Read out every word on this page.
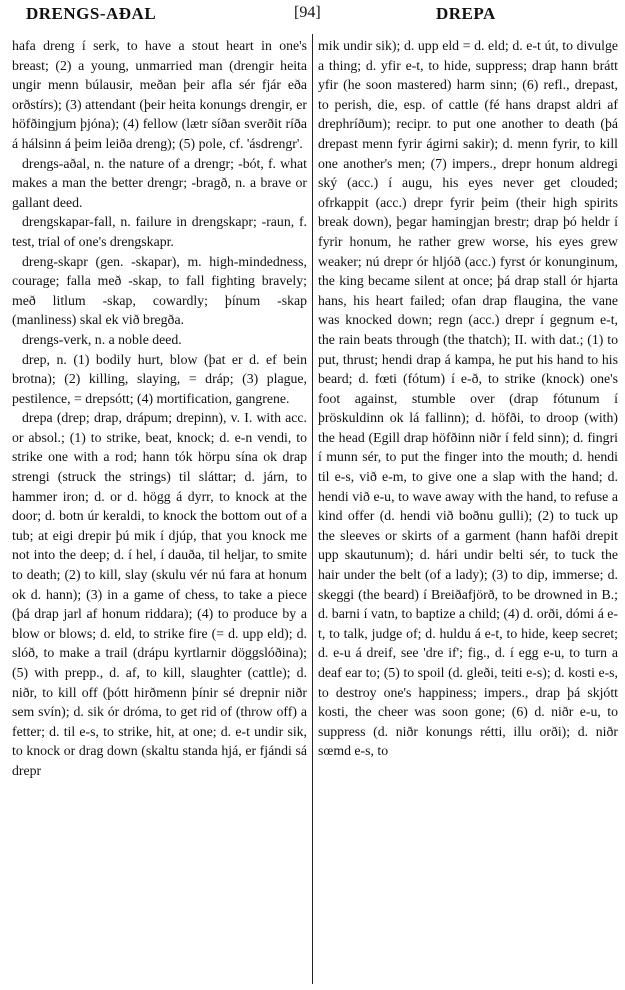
DRENGS-AÐAL	[94]	DREPA

hafa dreng í serk, to have a stout heart in one's breast; (2) a young, unmarried man (drengir heita ungir menn búlausir, meðan þeir afla sér fjár eða orðstírs); (3) attendant (þeir heita konungs drengir, er höfðingjum þjóna); (4) fellow (lætr síðan sverðit ríða á hálsinn á þeim leiða dreng); (5) pole, cf. 'ásdrengr'.

drengs-aðal, n. the nature of a drengr; -bót, f. what makes a man the better drengr; -bragð, n. a brave or gallant deed.

drengskapar-fall, n. failure in drengskapr; -raun, f. test, trial of one's drengskapr.

dreng-skapr (gen. -skapar), m. high-mindedness, courage; falla með -skap, to fall fighting bravely; með litlum -skap, cowardly; þínum -skap (manliness) skal ek við bregða.

drengs-verk, n. a noble deed.

drep, n. (1) bodily hurt, blow (þat er d. ef bein brotna); (2) killing, slaying, = dráp; (3) plague, pestilence, = drepsótt; (4) mortification, gangrene.

drepa (drep; drap, drápum; drepinn), v. I. with acc. or absol.; (1) to strike, beat, knock; d. e-n vendi, to strike one with a rod; hann tók hörpu sína ok drap strengi (struck the strings) til sláttar; d. járn, to hammer iron; d. or d. högg á dyrr, to knock at the door; d. botn úr keraldi, to knock the bottom out of a tub; at eigi drepir þú mik í djúp, that you knock me not into the deep; d. í hel, í dauða, til heljar, to smite to death; (2) to kill, slay (skulu vér nú fara at honum ok d. hann); (3) in a game of chess, to take a piece (þá drap jarl af honum riddara); (4) to produce by a blow or blows; d. eld, to strike fire (= d. upp eld); d. slóð, to make a trail (drápu kyrtlarnir döggslóðina); (5) with prepp., d. af, to kill, slaughter (cattle); d. niðr, to kill off (þótt hirðmenn þínir sé drepnir niðr sem svín); d. sik ór dróma, to get rid of (throw off) a fetter; d. til e-s, to strike, hit, at one; d. e-t undir sik, to knock or drag down (skaltu standa hjá, er fjándi sá drepr

mik undir sik); d. upp eld = d. eld; d. e-t út, to divulge a thing; d. yfir e-t, to hide, suppress; drap hann brátt yfir (he soon mastered) harm sinn; (6) refl., drepast, to perish, die, esp. of cattle (fé hans drapst aldri af drephríðum); recipr. to put one another to death (þá drepast menn fyrir ágirni sakir); d. menn fyrir, to kill one another's men; (7) impers., drepr honum aldregi ský (acc.) í augu, his eyes never get clouded; ofrkappit (acc.) drepr fyrir þeim (their high spirits break down), þegar hamingjan brestr; drap þó heldr í fyrir honum, he rather grew worse, his eyes grew weaker; nú drepr ór hljóð (acc.) fyrst ór konunginum, the king became silent at once; þá drap stall ór hjarta hans, his heart failed; ofan drap flaugina, the vane was knocked down; regn (acc.) drepr í gegnum e-t, the rain beats through (the thatch); II. with dat.; (1) to put, thrust; hendi drap á kampa, he put his hand to his beard; d. fœti (fótum) í e-ð, to strike (knock) one's foot against, stumble over (drap fótunum í þröskuldinn ok lá fallinn); d. höfði, to droop (with) the head (Egill drap höfðinn niðr í feld sinn); d. fingri í munn sér, to put the finger into the mouth; d. hendi til e-s, við e-m, to give one a slap with the hand; d. hendi við e-u, to wave away with the hand, to refuse a kind offer (d. hendi við boðnu gulli); (2) to tuck up the sleeves or skirts of a garment (hann hafði drepit upp skautunum); d. hári undir belti sér, to tuck the hair under the belt (of a lady); (3) to dip, immerse; d. skeggi (the beard) í Breiðafjörð, to be drowned in B.; d. barni í vatn, to baptize a child; (4) d. orði, dómi á e-t, to talk, judge of; d. huldu á e-t, to hide, keep secret; d. e-u á dreif, see 'dre if'; fig., d. í egg e-u, to turn a deaf ear to; (5) to spoil (d. gleði, teiti e-s); d. kosti e-s, to destroy one's happiness; impers., drap þá skjótt kosti, the cheer was soon gone; (6) d. niðr e-u, to suppress (d. niðr konungs rétti, illu orði); d. niðr sœmd e-s, to
